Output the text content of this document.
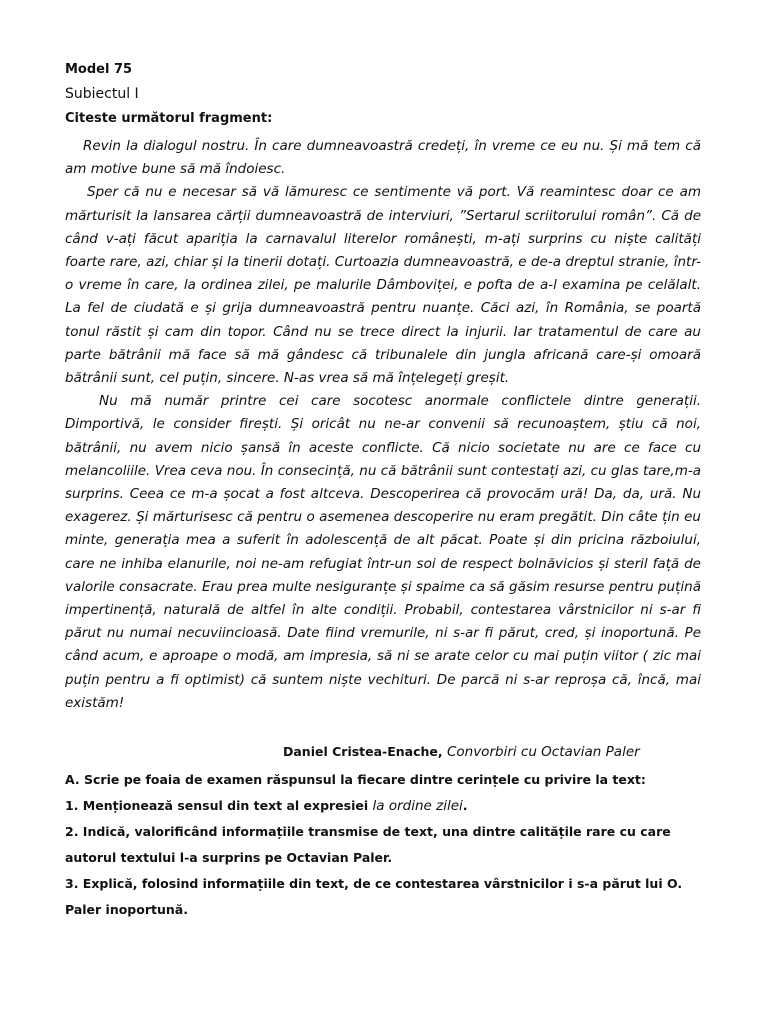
Model 75
Subiectul I
Citeste următorul fragment:

Revin la dialogul nostru. În care dumneavoastră credeți, în vreme ce eu nu. Și mă tem că am motive bune să mă îndoiesc.

Sper că nu e necesar să vă lămuresc ce sentimente vă port. Vă reamintesc doar ce am mărturisit la lansarea cărții dumneavoastră de interviuri, ”Sertarul scriitorului român”. Că de când v-ați făcut apariția la carnavalul literelor românești, m-ați surprins cu niște calități foarte rare, azi, chiar și la tinerii dotați. Curtoazia dumneavoastră, e de-a dreptul stranie, într-o vreme în care, la ordinea zilei, pe malurile Dâmboviței, e pofta de a-l examina pe celălalt. La fel de ciudată e și grija dumneavoastră pentru nuanțe. Căci azi, în România, se poartă tonul răstit și cam din topor. Când nu se trece direct la injurii. Iar tratamentul de care au parte bătrânii mă face să mă gândesc că tribunalele din jungla africană care-și omoară bătrânii sunt, cel puțin, sincere. N-as vrea să mă înțelegeți greșit.

Nu mă număr printre cei care socotesc anormale conflictele dintre generații. Dimportivă, le consider firești. Și oricât nu ne-ar convenii să recunoaștem, știu că noi, bătrânii, nu avem nicio șansă în aceste conflicte. Că nicio societate nu are ce face cu melancoliile. Vrea ceva nou. În consecință, nu că bătrânii sunt contestați azi, cu glas tare,m-a surprins. Ceea ce m-a șocat a fost altceva. Descoperirea că provocăm ură! Da, da, ură. Nu exagerez. Și mărturisesc că pentru o asemenea descoperire nu eram pregătit. Din câte țin eu minte, generația mea a suferit în adolescență de alt păcat. Poate și din pricina războiului, care ne inhiba elanurile, noi ne-am refugiat într-un soi de respect bolnăvicios și steril față de valorile consacrate. Erau prea multe nesiguranțe și spaime ca să găsim resurse pentru puțină impertinență, naturală de altfel în alte condiții. Probabil, contestarea vârstnicilor ni s-ar fi părut nu numai necuviincioasă. Date fiind vremurile, ni s-ar fi părut, cred, și inoportună. Pe când acum, e aproape o modă, am impresia, să ni se arate celor cu mai puțin viitor ( zic mai puțin pentru a fi optimist) că suntem niște vechituri. De parcă ni s-ar reproșa că, încă, mai existăm!

Daniel Cristea-Enache, Convorbiri cu Octavian Paler
A. Scrie pe foaia de examen răspunsul la fiecare dintre cerințele cu privire la text:
1. Menționează sensul din text al expresiei la ordine zilei.
2. Indică, valorificând informațiile transmise de text, una dintre calitățile rare cu care autorul textului l-a surprins pe Octavian Paler.
3. Explică, folosind informațiile din text, de ce contestarea vârstnicilor i s-a părut lui O. Paler inoportună.
